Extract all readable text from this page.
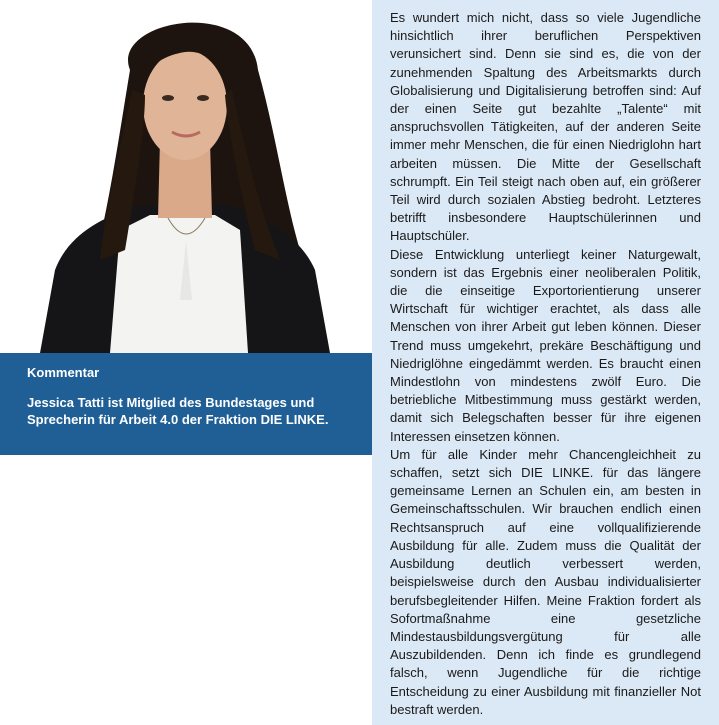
Kommentar

Jessica Tatti ist Mitglied des Bundestages und Sprecherin für Arbeit 4.0 der Fraktion DIE LINKE.

Es wundert mich nicht, dass so viele Jugendliche hinsichtlich ihrer beruflichen Perspektiven verunsichert sind. Denn sie sind es, die von der zunehmenden Spaltung des Arbeitsmarkts durch Globalisierung und Digitalisierung betroffen sind: Auf der einen Seite gut bezahlte „Talente“ mit anspruchsvollen Tätigkeiten, auf der anderen Seite immer mehr Menschen, die für einen Niedriglohn hart arbeiten müssen. Die Mitte der Gesellschaft schrumpft. Ein Teil steigt nach oben auf, ein größerer Teil wird durch sozialen Abstieg bedroht. Letzteres betrifft insbesondere Hauptschülerinnen und Hauptschüler.

Diese Entwicklung unterliegt keiner Naturgewalt, sondern ist das Ergebnis einer neoliberalen Politik, die die einseitige Exportorientierung unserer Wirtschaft für wichtiger erachtet, als dass alle Menschen von ihrer Arbeit gut leben können. Dieser Trend muss umgekehrt, prekäre Beschäftigung und Niedriglöhne eingedämmt werden. Es braucht einen Mindestlohn von mindestens zwölf Euro. Die betriebliche Mitbestimmung muss gestärkt werden, damit sich Belegschaften besser für ihre eigenen Interessen einsetzen können.

Um für alle Kinder mehr Chancengleichheit zu schaffen, setzt sich DIE LINKE. für das längere gemeinsame Lernen an Schulen ein, am besten in Gemeinschaftsschulen. Wir brauchen endlich einen Rechtsanspruch auf eine vollqualifizierende Ausbildung für alle. Zudem muss die Qualität der Ausbildung deutlich verbessert werden, beispielsweise durch den Ausbau individualisierter berufsbegleitender Hilfen. Meine Fraktion fordert als Sofortmaßnahme eine gesetzliche Mindestausbildungsvergütung für alle Auszubildenden. Denn ich finde es grundlegend falsch, wenn Jugendliche für die richtige Entscheidung zu einer Ausbildung mit finanzieller Not bestraft werden.
